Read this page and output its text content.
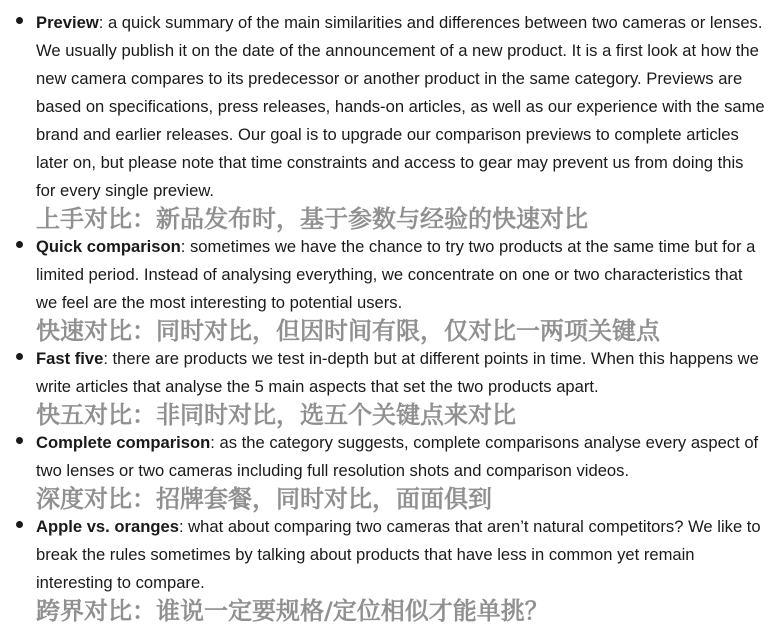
Preview: a quick summary of the main similarities and differences between two cameras or lenses. We usually publish it on the date of the announcement of a new product. It is a first look at how the new camera compares to its predecessor or another product in the same category. Previews are based on specifications, press releases, hands-on articles, as well as our experience with the same brand and earlier releases. Our goal is to upgrade our comparison previews to complete articles later on, but please note that time constraints and access to gear may prevent us from doing this for every single preview.

上手对比：新品发布时，基于参数与经验的快速对比

Quick comparison: sometimes we have the chance to try two products at the same time but for a limited period. Instead of analysing everything, we concentrate on one or two characteristics that we feel are the most interesting to potential users.

快速对比：同时对比，但因时间有限，仅对比一两项关键点

Fast five: there are products we test in-depth but at different points in time. When this happens we write articles that analyse the 5 main aspects that set the two products apart.

快五对比：非同时对比，选五个关键点来对比

Complete comparison: as the category suggests, complete comparisons analyse every aspect of two lenses or two cameras including full resolution shots and comparison videos.

深度对比：招牌套餐，同时对比，面面俱到

Apple vs. oranges: what about comparing two cameras that aren’t natural competitors? We like to break the rules sometimes by talking about products that have less in common yet remain interesting to compare.

跨界对比：谁说一定要规格/定位相似才能单挑？
